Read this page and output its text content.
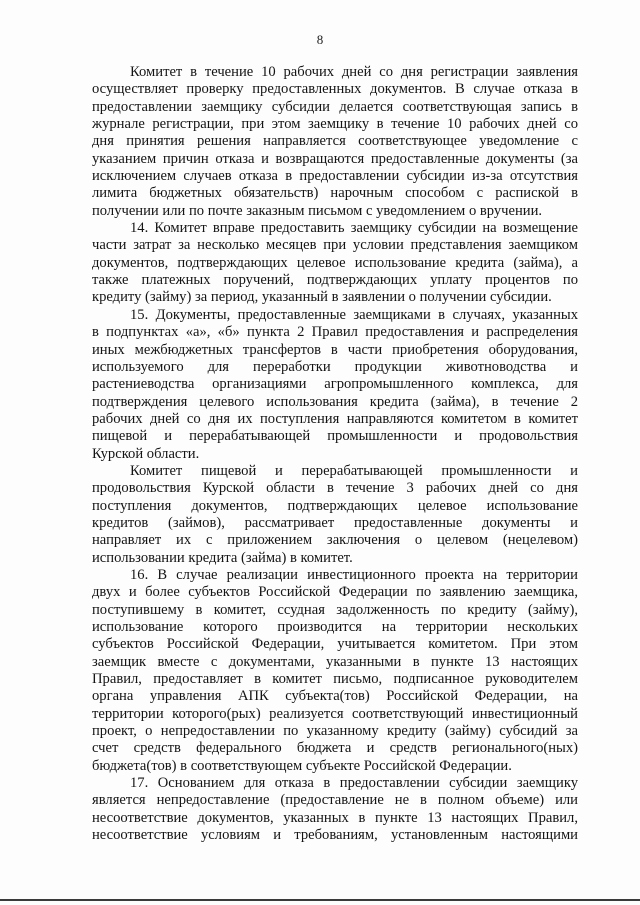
8
Комитет в течение 10 рабочих дней со дня регистрации заявления
осуществляет проверку предоставленных документов. В случае отказа в
предоставлении заемщику субсидии делается соответствующая запись в
журнале регистрации, при этом заемщику в течение 10 рабочих дней со
дня принятия решения направляется соответствующее уведомление с
указанием причин отказа и возвращаются предоставленные документы (за
исключением случаев отказа в предоставлении субсидии из-за отсутствия
лимита бюджетных обязательств) нарочным способом с распиской в
получении или по почте заказным письмом с уведомлением о вручении.
14. Комитет вправе предоставить заемщику субсидии на возмещение
части затрат за несколько месяцев при условии представления заемщиком
документов, подтверждающих целевое использование кредита (займа), а
также платежных поручений, подтверждающих уплату процентов по
кредиту (займу) за период, указанный в заявлении о получении субсидии.
15. Документы, предоставленные заемщиками в случаях, указанных
в подпунктах «а», «б» пункта 2 Правил предоставления и распределения
иных межбюджетных трансфертов в части приобретения оборудования,
используемого для переработки продукции животноводства и
растениеводства организациями агропромышленного комплекса, для
подтверждения целевого использования кредита (займа), в течение 2
рабочих дней со дня их поступления направляются комитетом в комитет
пищевой и перерабатывающей промышленности и продовольствия
Курской области.
Комитет пищевой и перерабатывающей промышленности и
продовольствия Курской области в течение 3 рабочих дней со дня
поступления документов, подтверждающих целевое использование
кредитов (займов), рассматривает предоставленные документы и
направляет их с приложением заключения о целевом (нецелевом)
использовании кредита (займа) в комитет.
16. В случае реализации инвестиционного проекта на территории
двух и более субъектов Российской Федерации по заявлению заемщика,
поступившему в комитет, ссудная задолженность по кредиту (займу),
использование которого производится на территории нескольких
субъектов Российской Федерации, учитывается комитетом. При этом
заемщик вместе с документами, указанными в пункте 13 настоящих
Правил, предоставляет в комитет письмо, подписанное руководителем
органа управления АПК субъекта(тов) Российской Федерации, на
территории которого(рых) реализуется соответствующий инвестиционный
проект, о непредоставлении по указанному кредиту (займу) субсидий за
счет средств федерального бюджета и средств регионального(ных)
бюджета(тов) в соответствующем субъекте Российской Федерации.
17. Основанием для отказа в предоставлении субсидии заемщику
является непредоставление (предоставление не в полном объеме) или
несоответствие документов, указанных в пункте 13 настоящих Правил,
несоответствие условиям и требованиям, установленным настоящими
